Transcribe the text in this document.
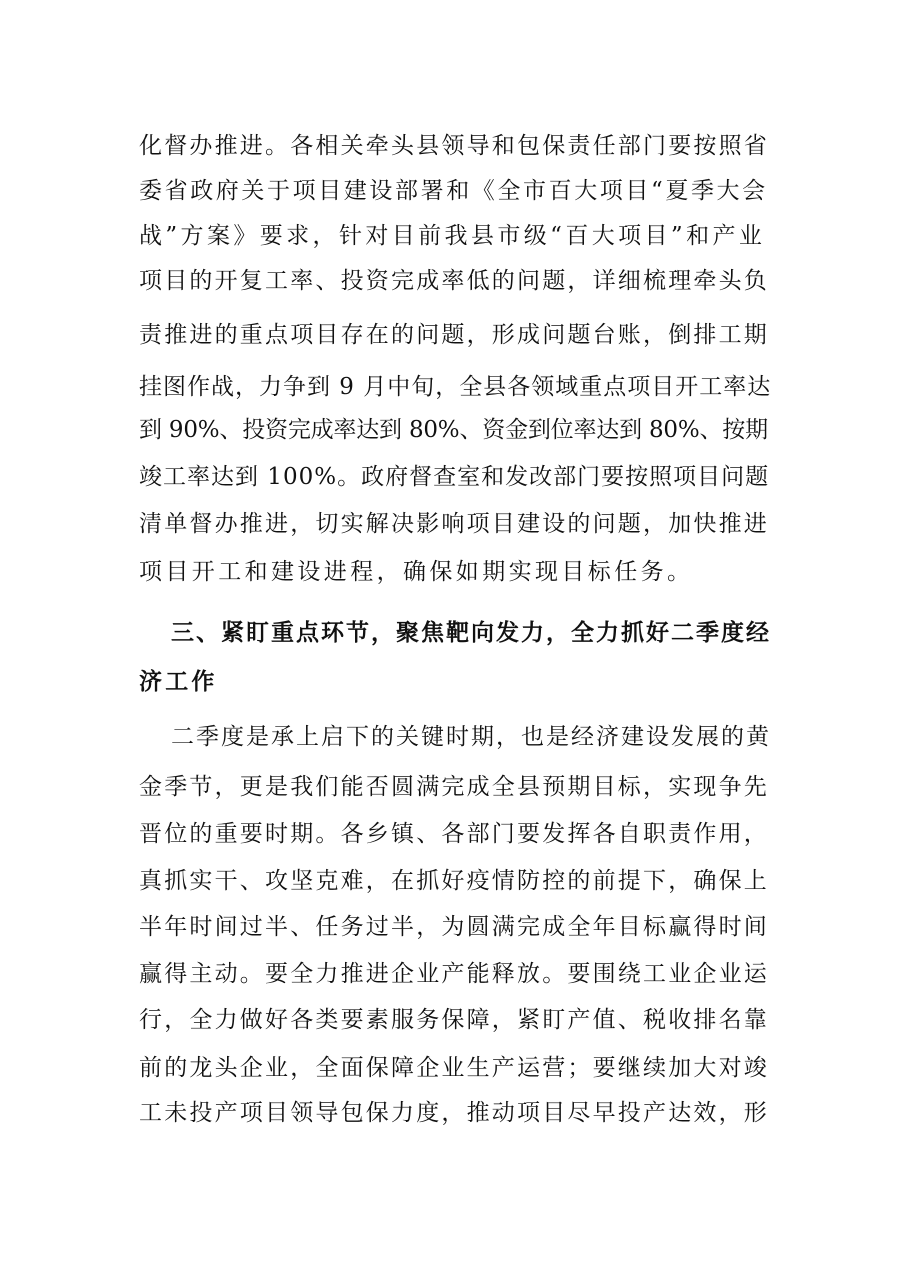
化督办推进。各相关牵头县领导和包保责任部门要按照省
委省政府关于项目建设部署和《全市百大项目“夏季大会
战”方案》要求，针对目前我县市级“百大项目”和产业
项目的开复工率、投资完成率低的问题，详细梳理牵头负
责推进的重点项目存在的问题，形成问题台账，倒排工期
挂图作战，力争到 9 月中旬，全县各领域重点项目开工率达
到 90%、投资完成率达到 80%、资金到位率达到 80%、按期
竣工率达到 100%。政府督查室和发改部门要按照项目问题
清单督办推进，切实解决影响项目建设的问题，加快推进
项目开工和建设进程，确保如期实现目标任务。
三、紧盯重点环节，聚焦靶向发力，全力抓好二季度经
济工作
二季度是承上启下的关键时期，也是经济建设发展的黄
金季节，更是我们能否圆满完成全县预期目标，实现争先
晋位的重要时期。各乡镇、各部门要发挥各自职责作用，
真抓实干、攻坚克难，在抓好疫情防控的前提下，确保上
半年时间过半、任务过半，为圆满完成全年目标赢得时间
赢得主动。要全力推进企业产能释放。要围绕工业企业运
行，全力做好各类要素服务保障，紧盯产值、税收排名靠
前的龙头企业，全面保障企业生产运营；要继续加大对竣
工未投产项目领导包保力度，推动项目尽早投产达效，形
